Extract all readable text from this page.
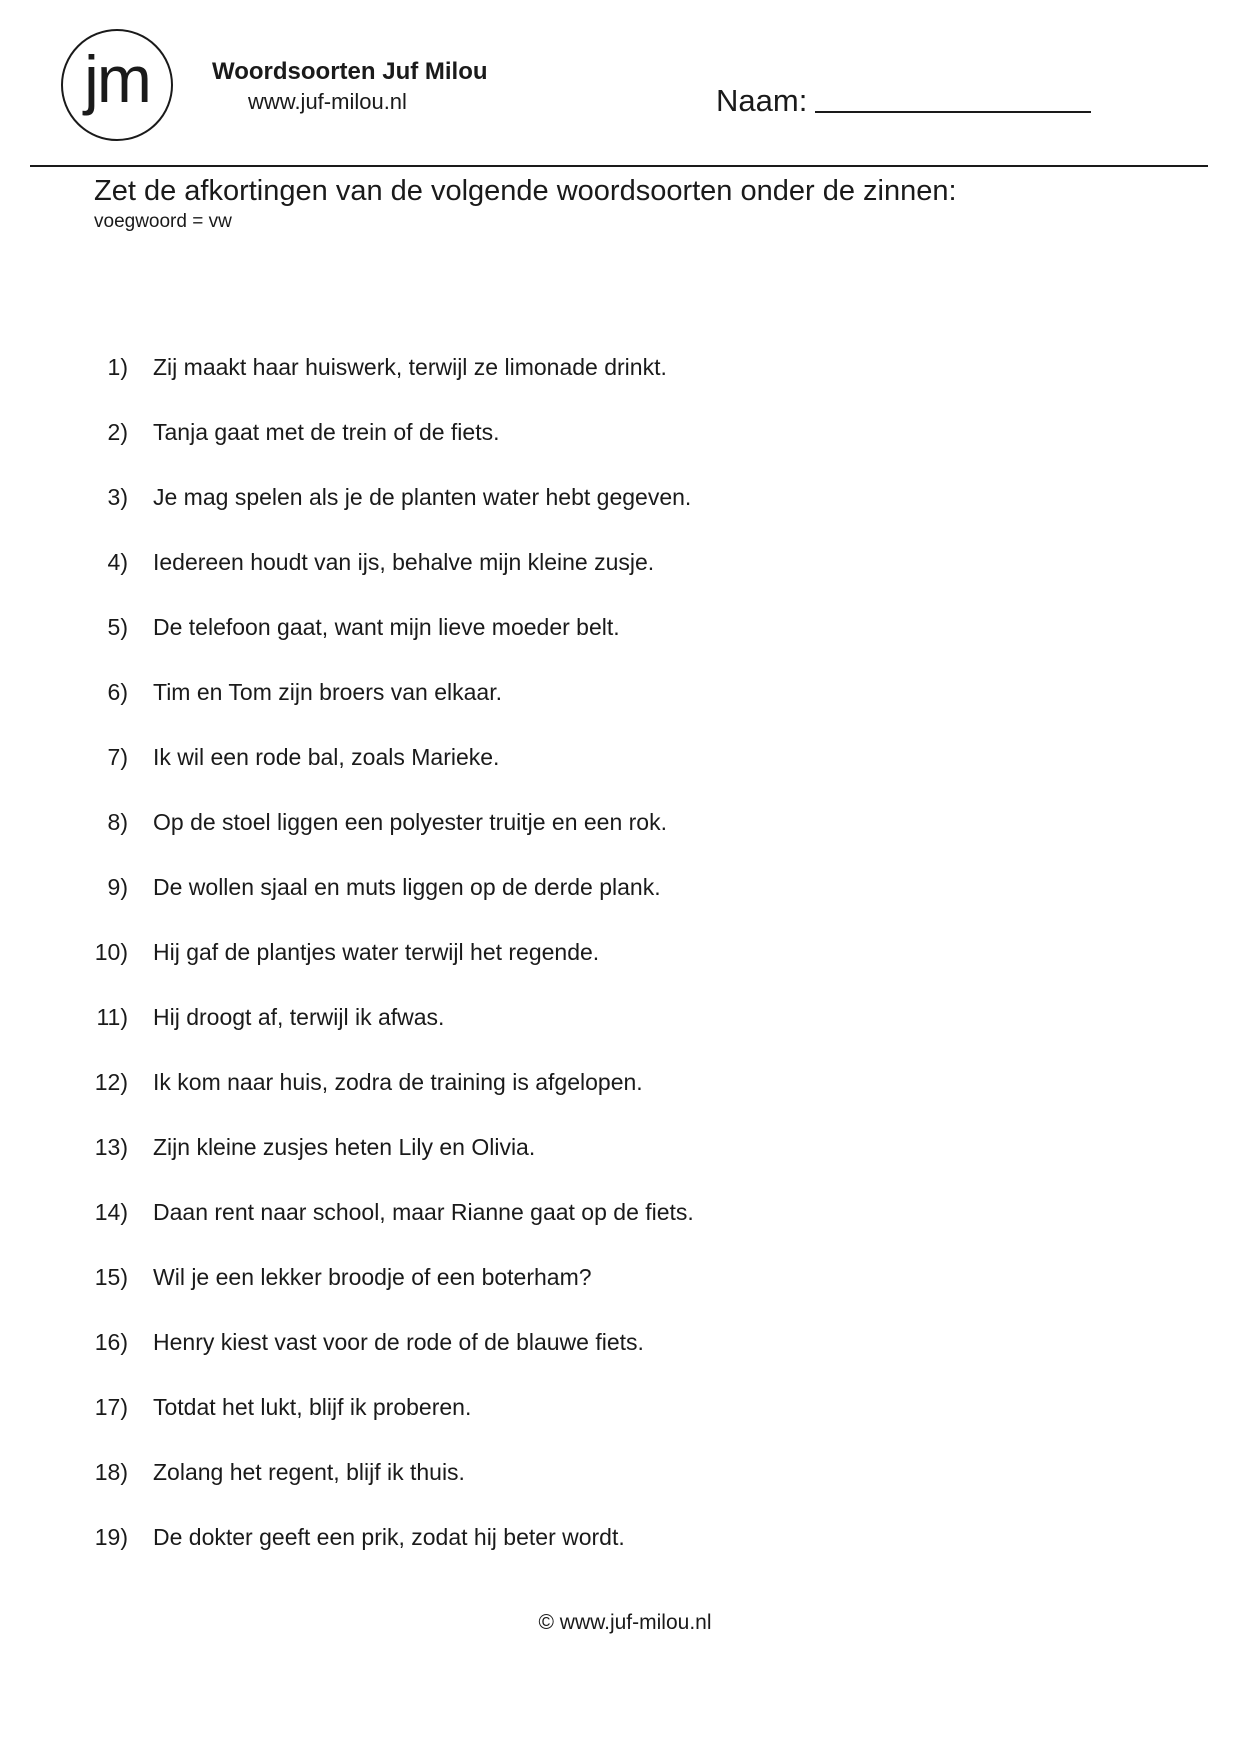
jm	Woordsoorten Juf Milou
www.juf-milou.nl	Naam:
Zet de afkortingen van de volgende woordsoorten onder de zinnen:
voegwoord = vw
1) Zij maakt haar huiswerk, terwijl ze limonade drinkt.
2) Tanja gaat met de trein of de fiets.
3) Je mag spelen als je de planten water hebt gegeven.
4) Iedereen houdt van ijs, behalve mijn kleine zusje.
5) De telefoon gaat, want mijn lieve moeder belt.
6) Tim en Tom zijn broers van elkaar.
7) Ik wil een rode bal, zoals Marieke.
8) Op de stoel liggen een polyester truitje en een rok.
9) De wollen sjaal en muts liggen op de derde plank.
10) Hij gaf de plantjes water terwijl het regende.
11) Hij droogt af, terwijl ik afwas.
12) Ik kom naar huis, zodra de training is afgelopen.
13) Zijn kleine zusjes heten Lily en Olivia.
14) Daan rent naar school, maar Rianne gaat op de fiets.
15) Wil je een lekker broodje of een boterham?
16) Henry kiest vast voor de rode of de blauwe fiets.
17) Totdat het lukt, blijf ik proberen.
18) Zolang het regent, blijf ik thuis.
19) De dokter geeft een prik, zodat hij beter wordt.
© www.juf-milou.nl
